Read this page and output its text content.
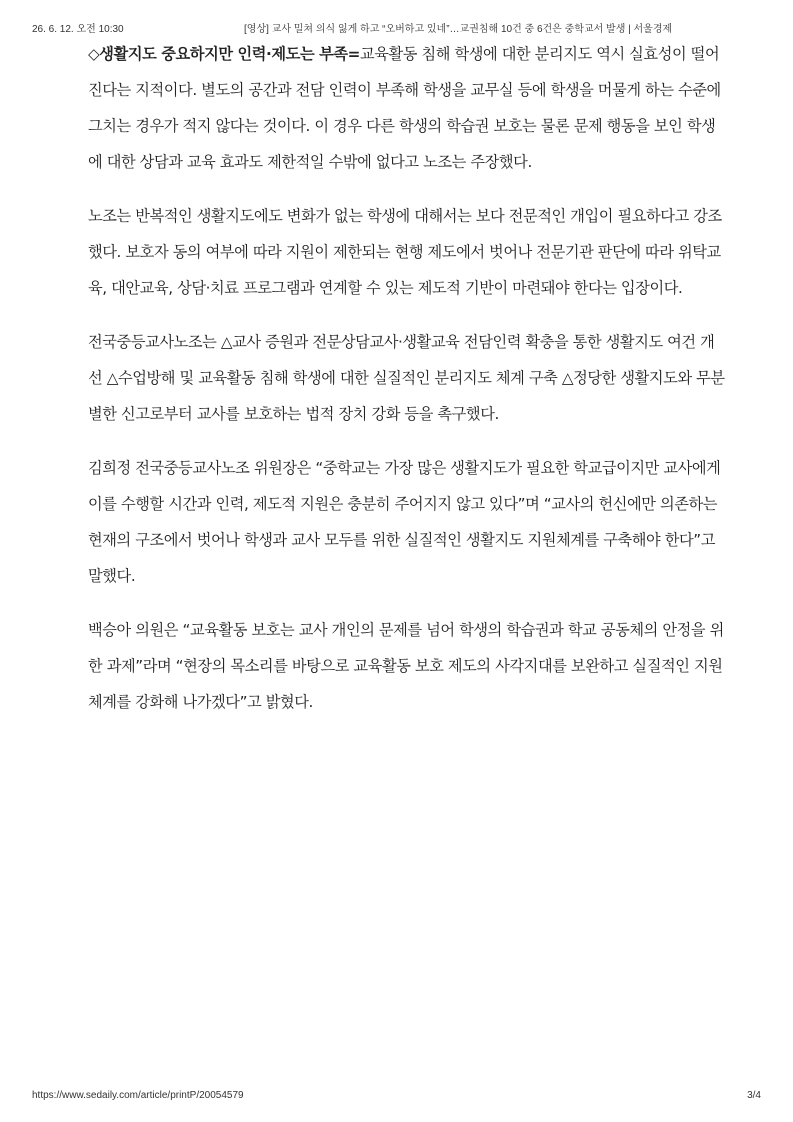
26. 6. 12. 오전 10:30	[영상] 교사 밀쳐 의식 잃게 하고 “오버하고 있네”…교권침해 10건 중 6건은 중학교서 발생 | 서울경제

◇생활지도 중요하지만 인력·제도는 부족=교육활동 침해 학생에 대한 분리지도 역시 실효성이 떨어진다는 지적이다. 별도의 공간과 전담 인력이 부족해 학생을 교무실 등에 학생을 머물게 하는 수준에 그치는 경우가 적지 않다는 것이다. 이 경우 다른 학생의 학습권 보호는 물론 문제 행동을 보인 학생에 대한 상담과 교육 효과도 제한적일 수밖에 없다고 노조는 주장했다.

노조는 반복적인 생활지도에도 변화가 없는 학생에 대해서는 보다 전문적인 개입이 필요하다고 강조했다. 보호자 동의 여부에 따라 지원이 제한되는 현행 제도에서 벗어나 전문기관 판단에 따라 위탁교육, 대안교육, 상담·치료 프로그램과 연계할 수 있는 제도적 기반이 마련돼야 한다는 입장이다.

전국중등교사노조는 △교사 증원과 전문상담교사·생활교육 전담인력 확충을 통한 생활지도 여건 개선 △수업방해 및 교육활동 침해 학생에 대한 실질적인 분리지도 체계 구축 △정당한 생활지도와 무분별한 신고로부터 교사를 보호하는 법적 장치 강화 등을 촉구했다.

김희정 전국중등교사노조 위원장은 “중학교는 가장 많은 생활지도가 필요한 학교급이지만 교사에게 이를 수행할 시간과 인력, 제도적 지원은 충분히 주어지지 않고 있다”며 “교사의 헌신에만 의존하는 현재의 구조에서 벗어나 학생과 교사 모두를 위한 실질적인 생활지도 지원체계를 구축해야 한다”고 말했다.

백승아 의원은 “교육활동 보호는 교사 개인의 문제를 넘어 학생의 학습권과 학교 공동체의 안정을 위한 과제”라며 “현장의 목소리를 바탕으로 교육활동 보호 제도의 사각지대를 보완하고 실질적인 지원 체계를 강화해 나가겠다”고 밝혔다.

https://www.sedaily.com/article/printP/20054579	3/4
